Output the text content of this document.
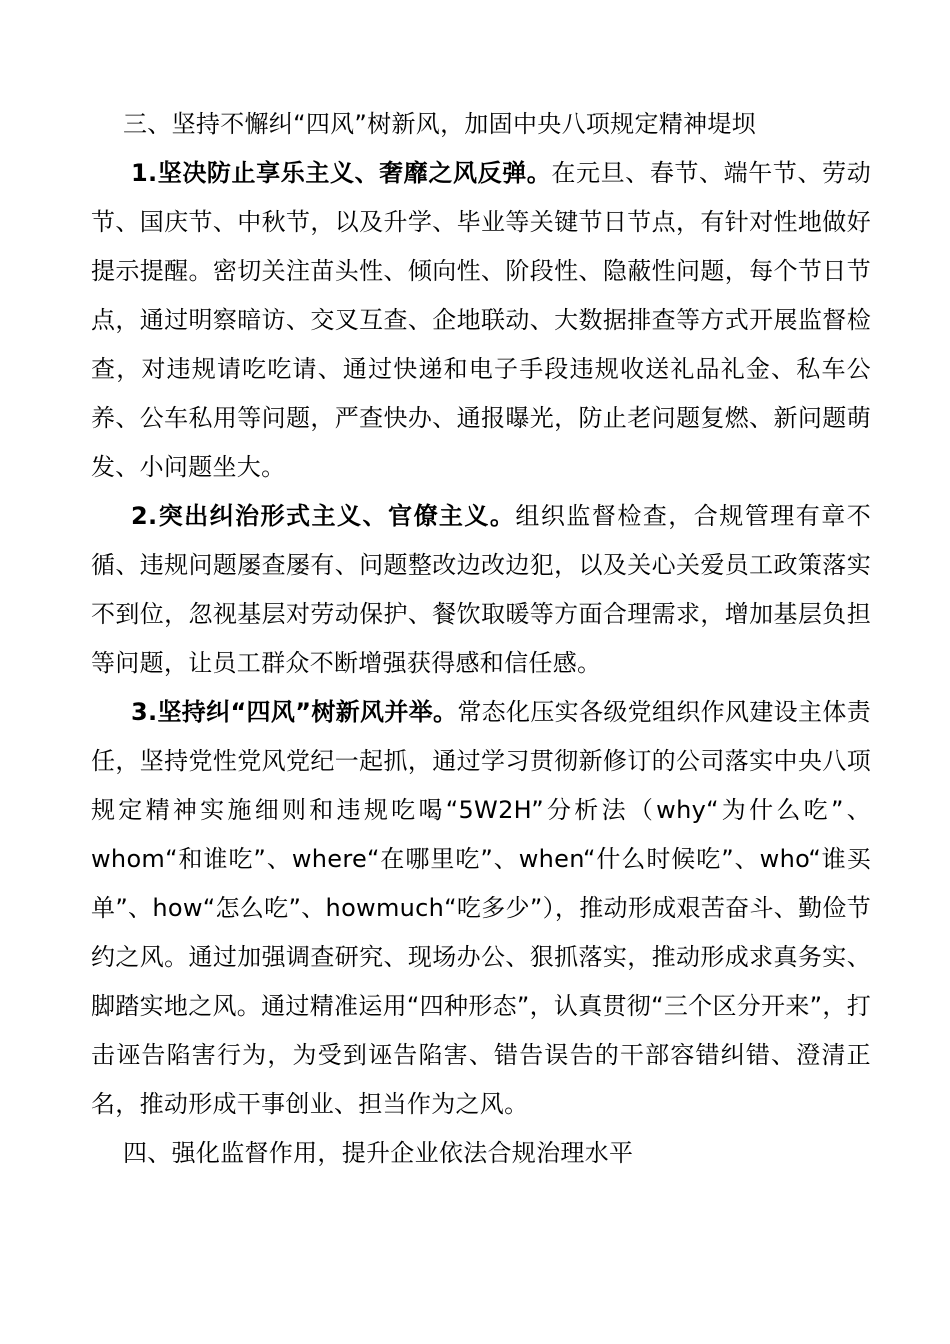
三、坚持不懈纠“四风”树新风，加固中央八项规定精神堤坝

1.坚决防止享乐主义、奢靡之风反弹。在元旦、春节、端午节、劳动节、国庆节、中秋节，以及升学、毕业等关键节日节点，有针对性地做好提示提醒。密切关注苗头性、倾向性、阶段性、隐蔽性问题，每个节日节点，通过明察暗访、交叉互查、企地联动、大数据排查等方式开展监督检查，对违规请吃吃请、通过快递和电子手段违规收送礼品礼金、私车公养、公车私用等问题，严查快办、通报曝光，防止老问题复燃、新问题萌发、小问题坐大。

2.突出纠治形式主义、官僚主义。组织监督检查，合规管理有章不循、违规问题屡查屡有、问题整改边改边犯，以及关心关爱员工政策落实不到位，忽视基层对劳动保护、餐饮取暖等方面合理需求，增加基层负担等问题，让员工群众不断增强获得感和信任感。

3.坚持纠“四风”树新风并举。常态化压实各级党组织作风建设主体责任，坚持党性党风党纪一起抓，通过学习贯彻新修订的公司落实中央八项规定精神实施细则和违规吃喝“5W2H”分析法（why“为什么吃”、whom“和谁吃”、where“在哪里吃”、when“什么时候吃”、who“谁买单”、how“怎么吃”、howmuch“吃多少”），推动形成艰苦奋斗、勤俭节约之风。通过加强调查研究、现场办公、狠抓落实，推动形成求真务实、脚踏实地之风。通过精准运用“四种形态”，认真贯彻“三个区分开来”，打击诬告陷害行为，为受到诬告陷害、错告误告的干部容错纠错、澄清正名，推动形成干事创业、担当作为之风。

四、强化监督作用，提升企业依法合规治理水平
